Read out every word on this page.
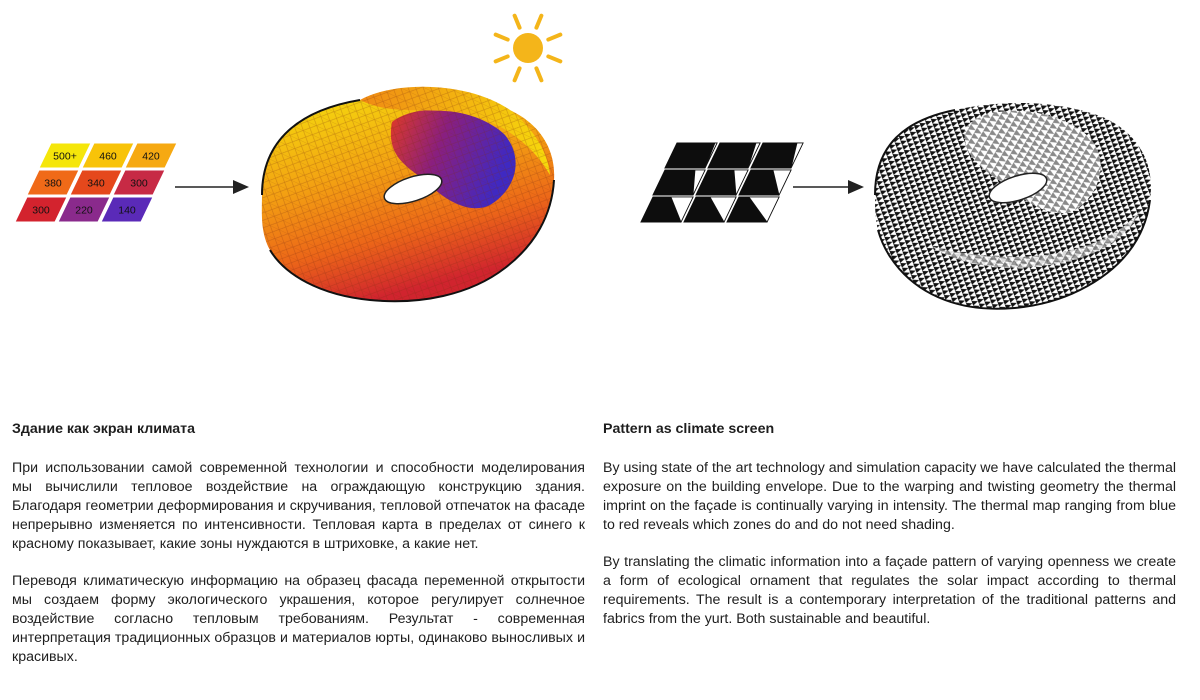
500+ 460 420
380 340 300
300 220 140
Здание как экран климата

При использовании самой современной технологии и способности моделирования мы вычислили тепловое воздействие на ограждающую конструкцию здания. Благодаря геометрии деформирования и скручивания, тепловой отпечаток на фасаде непрерывно изменяется по интенсивности. Тепловая карта в пределах от синего к красному показывает, какие зоны нуждаются в штриховке, а какие нет.

Переводя климатическую информацию на образец фасада переменной открытости мы создаем форму экологического украшения, которое регулирует солнечное воздействие согласно тепловым требованиям. Результат - современная интерпретация традиционных образцов и материалов юрты, одинаково выносливых и красивых.

Pattern as climate screen

By using state of the art technology and simulation capacity we have calculated the thermal exposure on the building envelope. Due to the warping and twisting geometry the thermal imprint on the façade is continually varying in intensity. The thermal map ranging from blue to red reveals which zones do and do not need shading.

By translating the climatic information into a façade pattern of varying openness we create a form of ecological ornament that regulates the solar impact according to thermal requirements. The result is a contemporary interpretation of the traditional patterns and fabrics from the yurt. Both sustainable and beautiful.
